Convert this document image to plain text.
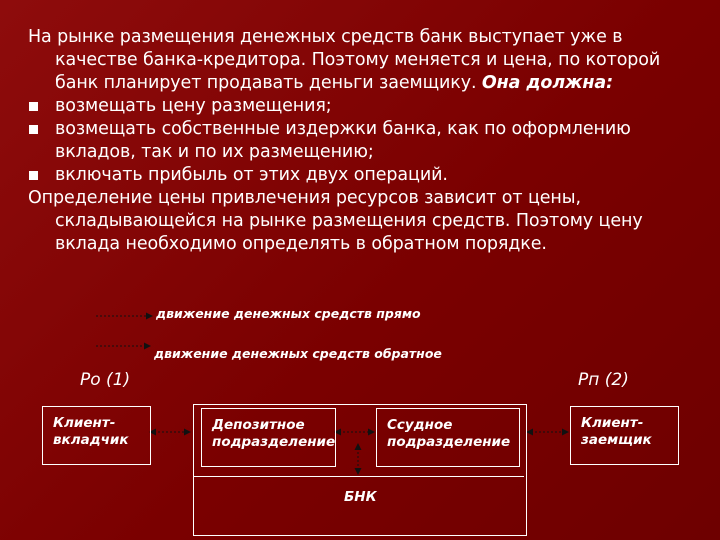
На рынке размещения денежных средств банк выступает уже в
качестве банка-кредитора. Поэтому меняется и цена, по которой
банк планирует продавать деньги заемщику. Она должна:
возмещать цену размещения;
возмещать собственные издержки банка, как по оформлению
вкладов, так и по их размещению;
включать прибыль от этих двух операций.
Определение цены привлечения ресурсов зависит от цены,
складывающейся на рынке размещения средств. Поэтому цену
вклада необходимо определять в обратном порядке.
движение денежных средств прямо
движение денежных средств обратное
Pо (1)	Pп (2)
Клиент-
вкладчик
Депозитное
подразделение
Ссудное
подразделение
БНК
Клиент-
заемщик
